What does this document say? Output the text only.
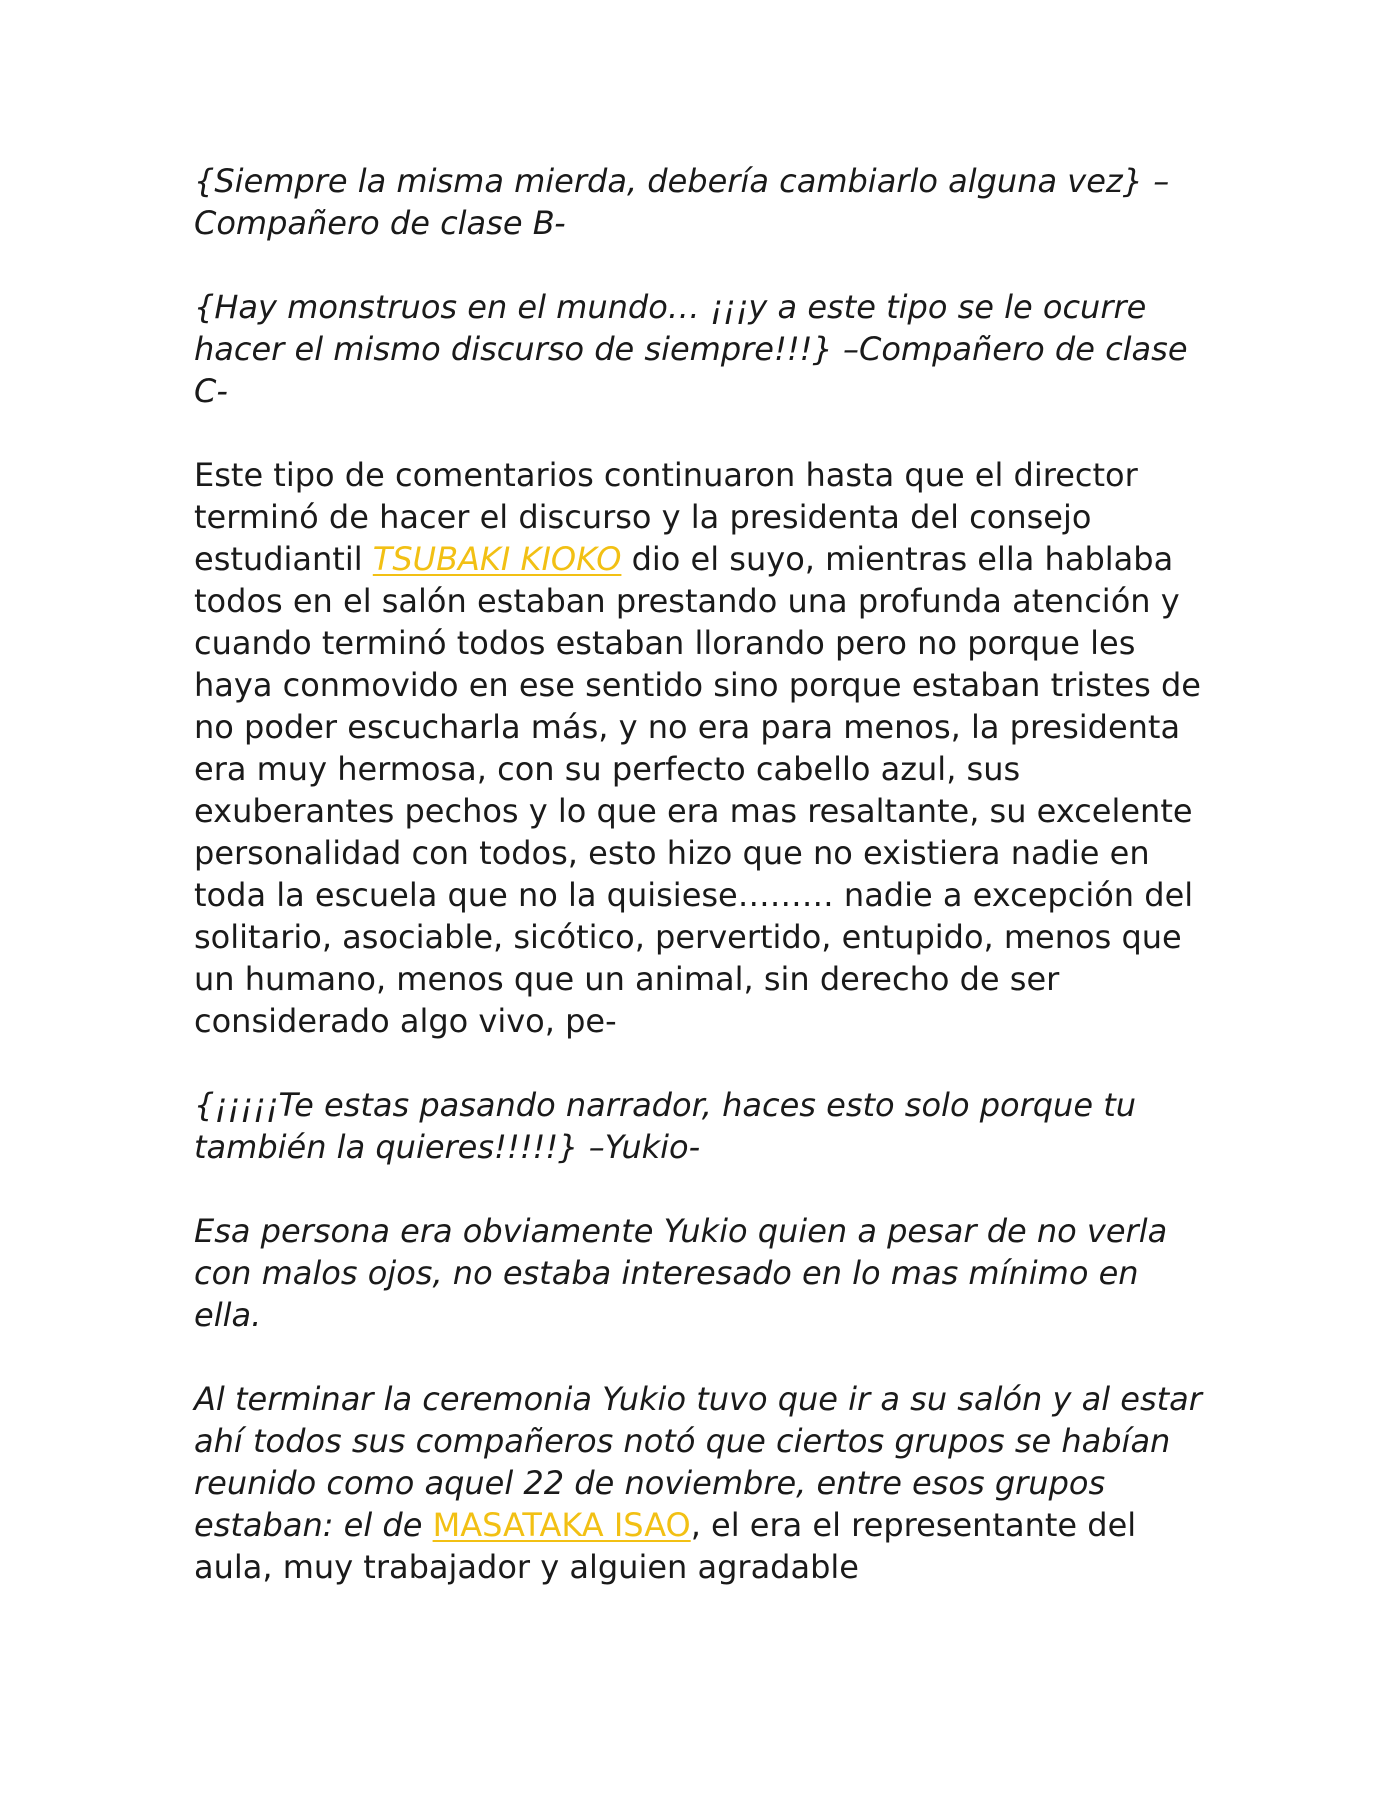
{Siempre la misma mierda, debería cambiarlo alguna vez} –Compañero de clase B-

{Hay monstruos en el mundo… ¡¡¡y a este tipo se le ocurre hacer el mismo discurso de siempre!!!} –Compañero de clase C-

Este tipo de comentarios continuaron hasta que el director terminó de hacer el discurso y la presidenta del consejo estudiantil TSUBAKI KIOKO dio el suyo, mientras ella hablaba todos en el salón estaban prestando una profunda atención y cuando terminó todos estaban llorando pero no porque les haya conmovido en ese sentido sino porque estaban tristes de no poder escucharla más, y no era para menos, la presidenta era muy hermosa, con su perfecto cabello azul, sus exuberantes pechos y lo que era mas resaltante, su excelente personalidad con todos, esto hizo que no existiera nadie en toda la escuela que no la quisiese……… nadie a excepción del solitario, asociable, sicótico, pervertido, entupido, menos que un humano, menos que un animal, sin derecho de ser considerado algo vivo, pe-

{¡¡¡¡¡Te estas pasando narrador, haces esto solo porque tu también la quieres!!!!!} –Yukio-

Esa persona era obviamente Yukio quien a pesar de no verla con malos ojos, no estaba interesado en lo mas mínimo en ella.

Al terminar la ceremonia Yukio tuvo que ir a su salón y al estar ahí todos sus compañeros notó que ciertos grupos se habían reunido como aquel 22 de noviembre, entre esos grupos estaban: el de MASATAKA ISAO, el era el representante del aula, muy trabajador y alguien agradable
